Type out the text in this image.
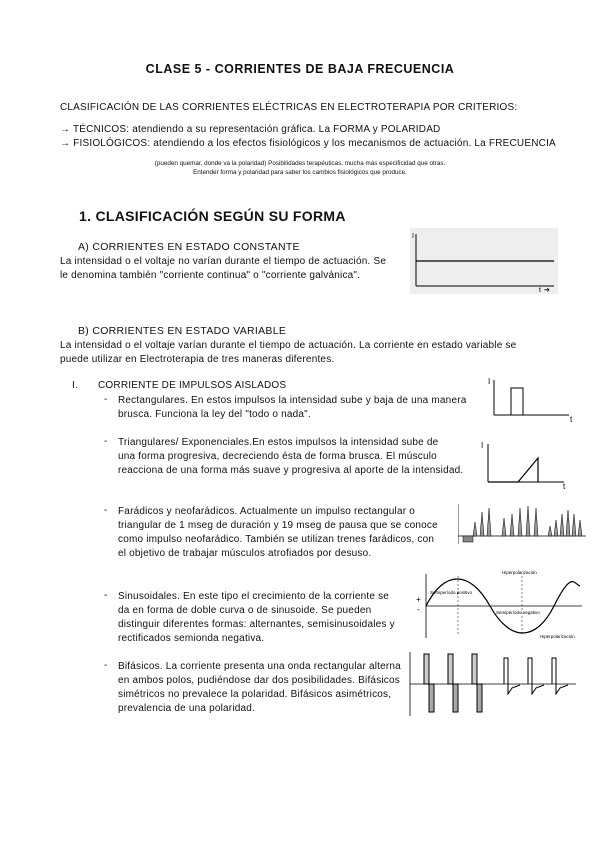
CLASE 5 - CORRIENTES DE BAJA FRECUENCIA
CLASIFICACIÓN DE LAS CORRIENTES ELÉCTRICAS EN ELECTROTERAPIA POR CRITERIOS:
→ TÉCNICOS: atendiendo a su representación gráfica. La FORMA y POLARIDAD
→ FISIOLÓGICOS: atendiendo a los efectos fisiológicos y los mecanismos de actuación. La FRECUENCIA
(pueden quemar, donde va la polaridad) Posibilidades terapéuticas, mucha más especificidad que otras.
Entender forma y polaridad para saber los cambios fisiológicos que produce.
1. CLASIFICACIÓN SEGÚN SU FORMA
A) CORRIENTES EN ESTADO CONSTANTE
La intensidad o el voltaje no varían durante el tiempo de actuación. Se
le denomina también "corriente continua" o "corriente galvánica".
I
t ➔
B) CORRIENTES EN ESTADO VARIABLE
La intensidad o el voltaje varían durante el tiempo de actuación. La corriente en estado variable se
puede utilizar en Electroterapia de tres maneras diferentes.
I. CORRIENTE DE IMPULSOS AISLADOS
- Rectangulares. En estos impulsos la intensidad sube y baja de una manera
brusca. Funciona la ley del "todo o nada".
I
t
- Triangulares/ Exponenciales.En estos impulsos la intensidad sube de
una forma progresiva, decreciendo ésta de forma brusca. El músculo
reacciona de una forma más suave y progresiva al aporte de la intensidad.
I
t
- Farádicos y neofarádicos. Actualmente un impulso rectangular o
triangular de 1 mseg de duración y 19 mseg de pausa que se conoce
como impulso neofarádico. También se utilizan trenes farádicos, con
el objetivo de trabajar músculos atrofiados por desuso.
- Sinusoidales. En este tipo el crecimiento de la corriente se
da en forma de doble curva o de sinusoide. Se pueden
distinguir diferentes formas: alternantes, semisinusoidales y
rectificados semionda negativa.
+
-
Hiperpolarización
Semiperíodo positivo
Semiperíodo negativo
Hiperpolarización
- Bifásicos. La corriente presenta una onda rectangular alterna
en ambos polos, pudiéndose dar dos posibilidades. Bifásicos
simétricos no prevalece la polaridad. Bifásicos asimétricos,
prevalencia de una polaridad.
